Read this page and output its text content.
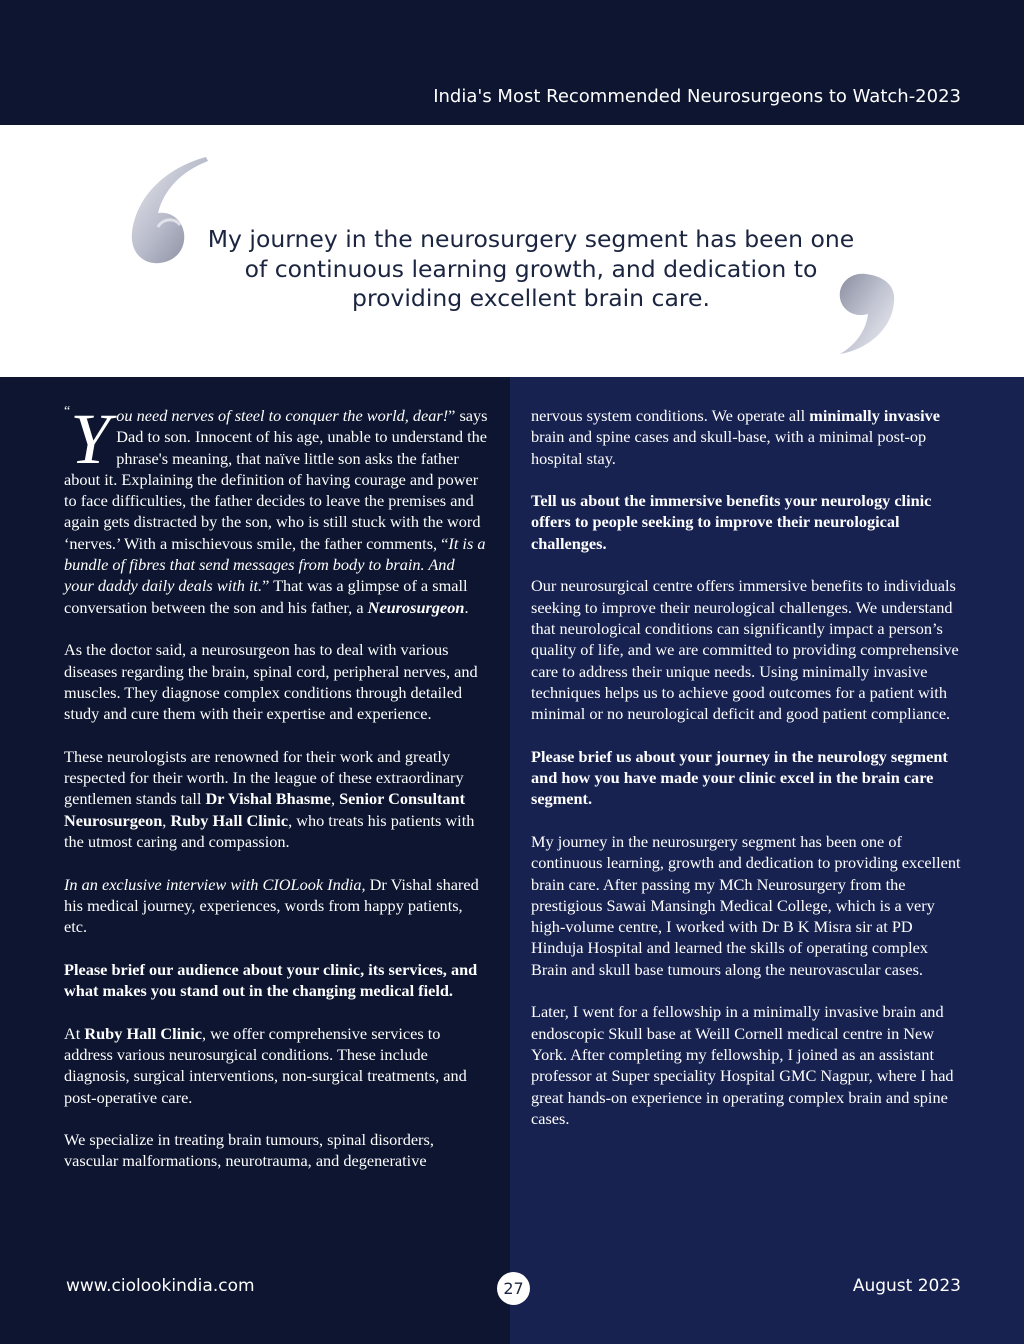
India's Most Recommended Neurosurgeons to Watch-2023
My journey in the neurosurgery segment has been one of continuous learning growth, and dedication to providing excellent brain care.

“ Y ou need nerves of steel to conquer the world, dear!” says Dad to son. Innocent of his age, unable to understand the phrase's meaning, that naïve little son asks the father about it. Explaining the definition of having courage and power to face difficulties, the father decides to leave the premises and again gets distracted by the son, who is still stuck with the word ‘nerves.’ With a mischievous smile, the father comments, “It is a bundle of fibres that send messages from body to brain. And your daddy daily deals with it.” That was a glimpse of a small conversation between the son and his father, a Neurosurgeon.

As the doctor said, a neurosurgeon has to deal with various diseases regarding the brain, spinal cord, peripheral nerves, and muscles. They diagnose complex conditions through detailed study and cure them with their expertise and experience.

These neurologists are renowned for their work and greatly respected for their worth. In the league of these extraordinary gentlemen stands tall Dr Vishal Bhasme, Senior Consultant Neurosurgeon, Ruby Hall Clinic, who treats his patients with the utmost caring and compassion.

In an exclusive interview with CIOLook India, Dr Vishal shared his medical journey, experiences, words from happy patients, etc.

Please brief our audience about your clinic, its services, and what makes you stand out in the changing medical field.

At Ruby Hall Clinic, we offer comprehensive services to address various neurosurgical conditions. These include diagnosis, surgical interventions, non-surgical treatments, and post-operative care.

We specialize in treating brain tumours, spinal disorders, vascular malformations, neurotrauma, and degenerative

nervous system conditions. We operate all minimally invasive brain and spine cases and skull-base, with a minimal post-op hospital stay.

Tell us about the immersive benefits your neurology clinic offers to people seeking to improve their neurological challenges.

Our neurosurgical centre offers immersive benefits to individuals seeking to improve their neurological challenges. We understand that neurological conditions can significantly impact a person’s quality of life, and we are committed to providing comprehensive care to address their unique needs. Using minimally invasive techniques helps us to achieve good outcomes for a patient with minimal or no neurological deficit and good patient compliance.

Please brief us about your journey in the neurology segment and how you have made your clinic excel in the brain care segment.

My journey in the neurosurgery segment has been one of continuous learning, growth and dedication to providing excellent brain care. After passing my MCh Neurosurgery from the prestigious Sawai Mansingh Medical College, which is a very high-volume centre, I worked with Dr B K Misra sir at PD Hinduja Hospital and learned the skills of operating complex Brain and skull base tumours along the neurovascular cases.

Later, I went for a fellowship in a minimally invasive brain and endoscopic Skull base at Weill Cornell medical centre in New York. After completing my fellowship, I joined as an assistant professor at Super speciality Hospital GMC Nagpur, where I had great hands-on experience in operating complex brain and spine cases.

www.ciolookindia.com	27	August 2023
